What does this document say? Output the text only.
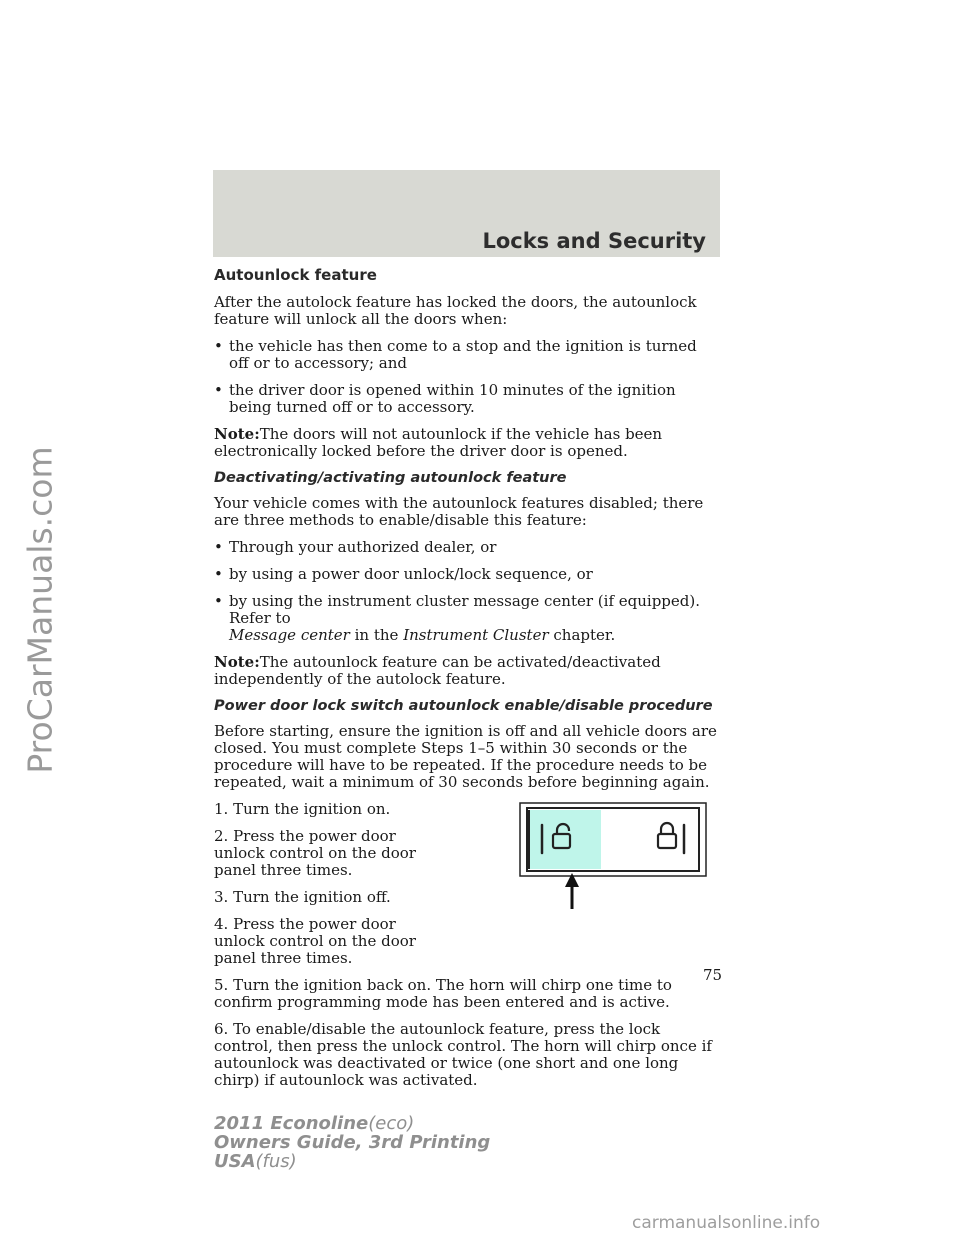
ProCarManuals.com
Locks and Security
Autounlock feature

After the autolock feature has locked the doors, the autounlock feature will unlock all the doors when:

• the vehicle has then come to a stop and the ignition is turned off or to accessory; and
• the driver door is opened within 10 minutes of the ignition being turned off or to accessory.

Note:The doors will not autounlock if the vehicle has been electronically locked before the driver door is opened.

Deactivating/activating autounlock feature

Your vehicle comes with the autounlock features disabled; there are three methods to enable/disable this feature:

• Through your authorized dealer, or
• by using a power door unlock/lock sequence, or
• by using the instrument cluster message center (if equipped). Refer to
Message center in the Instrument Cluster chapter.

Note:The autounlock feature can be activated/deactivated independently of the autolock feature.

Power door lock switch autounlock enable/disable procedure

Before starting, ensure the ignition is off and all vehicle doors are closed. You must complete Steps 1–5 within 30 seconds or the procedure will have to be repeated. If the procedure needs to be repeated, wait a minimum of 30 seconds before beginning again.

1. Turn the ignition on.

2. Press the power door unlock control on the door panel three times.

3. Turn the ignition off.

4. Press the power door unlock control on the door panel three times.

5. Turn the ignition back on. The horn will chirp one time to confirm programming mode has been entered and is active.

6. To enable/disable the autounlock feature, press the lock control, then press the unlock control. The horn will chirp once if autounlock was deactivated or twice (one short and one long chirp) if autounlock was activated.

75
2011 Econoline(eco)
Owners Guide, 3rd Printing
USA(fus)
carmanualsonline.info
